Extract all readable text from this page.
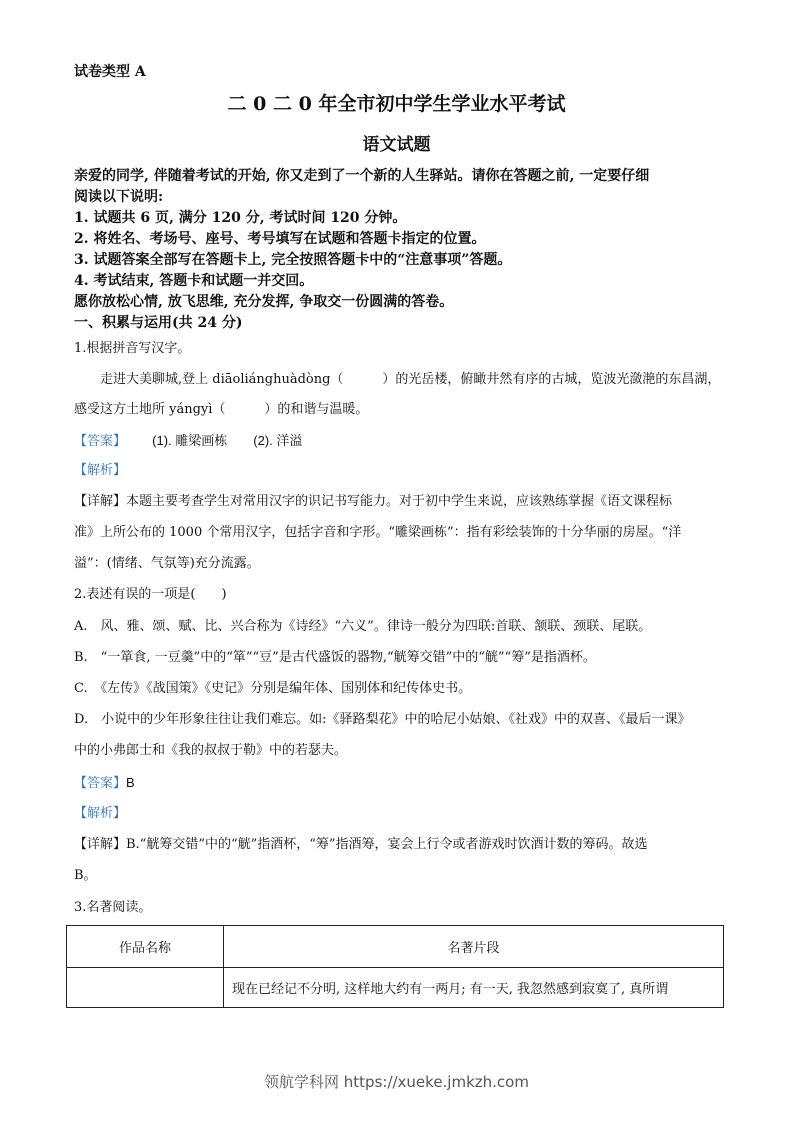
试卷类型 A
二 0 二 0 年全市初中学生学业水平考试
语文试题
亲爱的同学, 伴随着考试的开始, 你又走到了一个新的人生驿站。请你在答题之前, 一定要仔细
阅读以下说明:
1. 试题共 6 页, 满分 120 分, 考试时间 120 分钟。
2. 将姓名、考场号、座号、考号填写在试题和答题卡指定的位置。
3. 试题答案全部写在答题卡上, 完全按照答题卡中的“注意事项”答题。
4. 考试结束, 答题卡和试题一并交回。
愿你放松心情, 放飞思维, 充分发挥, 争取交一份圆满的答卷。
一、积累与运用(共 24 分)
1.根据拼音写汉字。
走进大美聊城,登上 diāoliánghuàdòng（　　　）的光岳楼，俯瞰井然有序的古城，览波光潋滟的东昌湖，
感受这方土地所 yángyì（　　　）的和谐与温暖。
【答案】 (1). 雕梁画栋　　(2). 洋溢
【解析】
【详解】本题主要考查学生对常用汉字的识记书写能力。对于初中学生来说，应该熟练掌握《语文课程标
准》上所公布的 1000 个常用汉字，包括字音和字形。“雕梁画栋”：指有彩绘装饰的十分华丽的房屋。“洋
溢”：(情绪、气氛等)充分流露。
2.表述有误的一项是(　　)
A.　风、雅、颂、赋、比、兴合称为《诗经》“六义”。律诗一般分为四联:首联、颔联、颈联、尾联。
B.　“一箪食, 一豆羹”中的“箪”“豆”是古代盛饭的器物,“觥筹交错”中的“觥”“筹”是指酒杯。
C.　《左传》《战国策》《史记》分别是编年体、国别体和纪传体史书。
D.　小说中的少年形象往往让我们难忘。如:《驿路梨花》中的哈尼小姑娘、《社戏》中的双喜、《最后一课》
中的小弗郎士和《我的叔叔于勒》中的若瑟夫。
【答案】B
【解析】
【详解】B.“觥筹交错”中的“觥”指酒杯，“筹”指酒筹，宴会上行令或者游戏时饮酒计数的筹码。故选
B。
3.名著阅读。
作品名称	名著片段
	现在已经记不分明, 这样地大约有一两月; 有一天, 我忽然感到寂寞了, 真所谓
领航学科网 https://xueke.jmkzh.com
